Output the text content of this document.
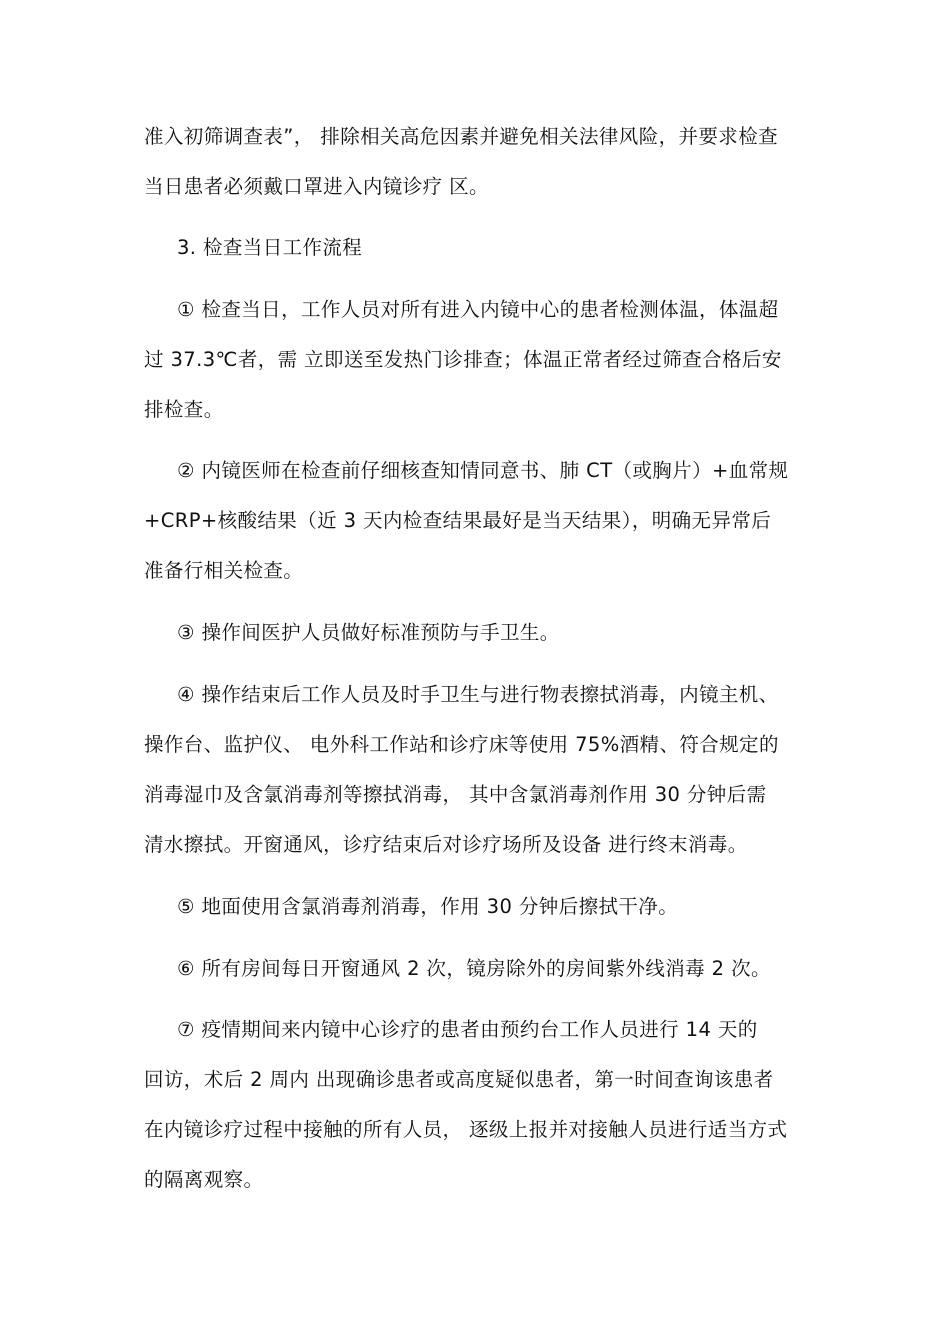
准入初筛调查表”， 排除相关高危因素并避免相关法律风险，并要求检查
当日患者必须戴口罩进入内镜诊疗 区。
3. 检查当日工作流程
① 检查当日，工作人员对所有进入内镜中心的患者检测体温，体温超
过 37.3℃者，需 立即送至发热门诊排查；体温正常者经过筛查合格后安
排检查。
② 内镜医师在检查前仔细核查知情同意书、肺 CT（或胸片）+血常规
+CRP+核酸结果（近 3 天内检查结果最好是当天结果），明确无异常后
准备行相关检查。
③ 操作间医护人员做好标准预防与手卫生。
④ 操作结束后工作人员及时手卫生与进行物表擦拭消毒，内镜主机、
操作台、监护仪、 电外科工作站和诊疗床等使用 75%酒精、符合规定的
消毒湿巾及含氯消毒剂等擦拭消毒， 其中含氯消毒剂作用 30 分钟后需
清水擦拭。开窗通风，诊疗结束后对诊疗场所及设备 进行终末消毒。
⑤ 地面使用含氯消毒剂消毒，作用 30 分钟后擦拭干净。
⑥ 所有房间每日开窗通风 2 次，镜房除外的房间紫外线消毒 2 次。
⑦ 疫情期间来内镜中心诊疗的患者由预约台工作人员进行 14 天的
回访，术后 2 周内 出现确诊患者或高度疑似患者，第一时间查询该患者
在内镜诊疗过程中接触的所有人员， 逐级上报并对接触人员进行适当方式
的隔离观察。
